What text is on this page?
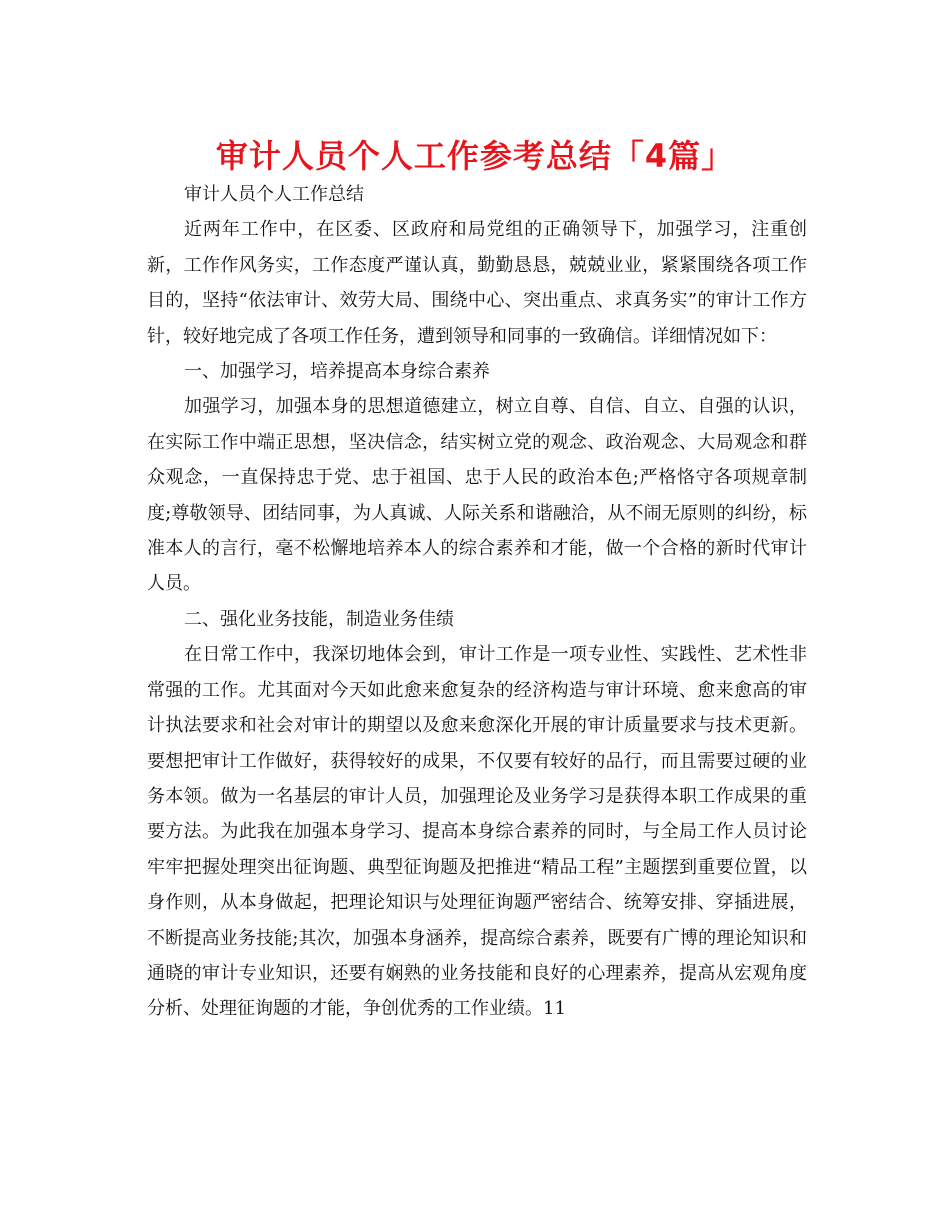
审计人员个人工作参考总结「4篇」

审计人员个人工作总结

近两年工作中，在区委、区政府和局党组的正确领导下，加强学习，注重创新，工作作风务实，工作态度严谨认真，勤勤恳恳，兢兢业业，紧紧围绕各项工作目的，坚持“依法审计、效劳大局、围绕中心、突出重点、求真务实”的审计工作方针，较好地完成了各项工作任务，遭到领导和同事的一致确信。详细情况如下：

一、加强学习，培养提高本身综合素养

加强学习，加强本身的思想道德建立，树立自尊、自信、自立、自强的认识，在实际工作中端正思想，坚决信念，结实树立党的观念、政治观念、大局观念和群众观念，一直保持忠于党、忠于祖国、忠于人民的政治本色;严格恪守各项规章制度;尊敬领导、团结同事，为人真诚、人际关系和谐融洽，从不闹无原则的纠纷，标准本人的言行，毫不松懈地培养本人的综合素养和才能，做一个合格的新时代审计人员。

二、强化业务技能，制造业务佳绩

在日常工作中，我深切地体会到，审计工作是一项专业性、实践性、艺术性非常强的工作。尤其面对今天如此愈来愈复杂的经济构造与审计环境、愈来愈高的审计执法要求和社会对审计的期望以及愈来愈深化开展的审计质量要求与技术更新。要想把审计工作做好，获得较好的成果，不仅要有较好的品行，而且需要过硬的业务本领。做为一名基层的审计人员，加强理论及业务学习是获得本职工作成果的重要方法。为此我在加强本身学习、提高本身综合素养的同时，与全局工作人员讨论牢牢把握处理突出征询题、典型征询题及把推进“精品工程”主题摆到重要位置，以身作则，从本身做起，把理论知识与处理征询题严密结合、统筹安排、穿插进展，不断提高业务技能;其次，加强本身涵养，提高综合素养，既要有广博的理论知识和通晓的审计专业知识，还要有娴熟的业务技能和良好的心理素养，提高从宏观角度分析、处理征询题的才能，争创优秀的工作业绩。11
